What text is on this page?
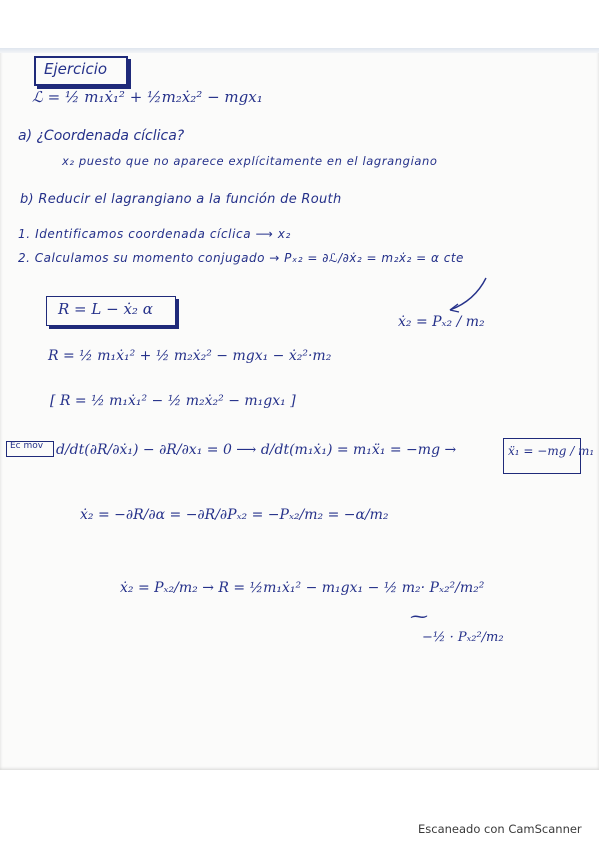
Ejercicio
ℒ = ½ m₁ẋ₁² + ½m₂ẋ₂² − mgx₁
a) ¿Coordenada cíclica?
x₂ puesto que no aparece explícitamente en el lagrangiano
b) Reducir el lagrangiano a la función de Routh
1. Identificamos coordenada cíclica ⟶ x₂
2. Calculamos su momento conjugado → Pₓ₂ = ∂ℒ/∂ẋ₂ = m₂ẋ₂ = α cte
ẋ₂ = Pₓ₂ / m₂
R = L − ẋ₂ α
R = ½ m₁ẋ₁² + ½ m₂ẋ₂² − mgx₁ − ẋ₂²·m₂
[ R = ½ m₁ẋ₁² − ½ m₂ẋ₂² − m₁gx₁ ]
Ec mov d/dt(∂R/∂ẋ₁) − ∂R/∂x₁ = 0 ⟶ d/dt(m₁ẋ₁) = m₁ẍ₁ = −mg →	ẍ₁ = −mg / m₁
ẋ₂ = −∂R/∂α = −∂R/∂Pₓ₂ = −Pₓ₂/m₂ = −α/m₂
ẋ₂ = Pₓ₂/m₂ → R = ½m₁ẋ₁² − m₁gx₁ − ½ m₂· Pₓ₂²/m₂²
⁓
−½ · Pₓ₂²/m₂
Escaneado con CamScanner
